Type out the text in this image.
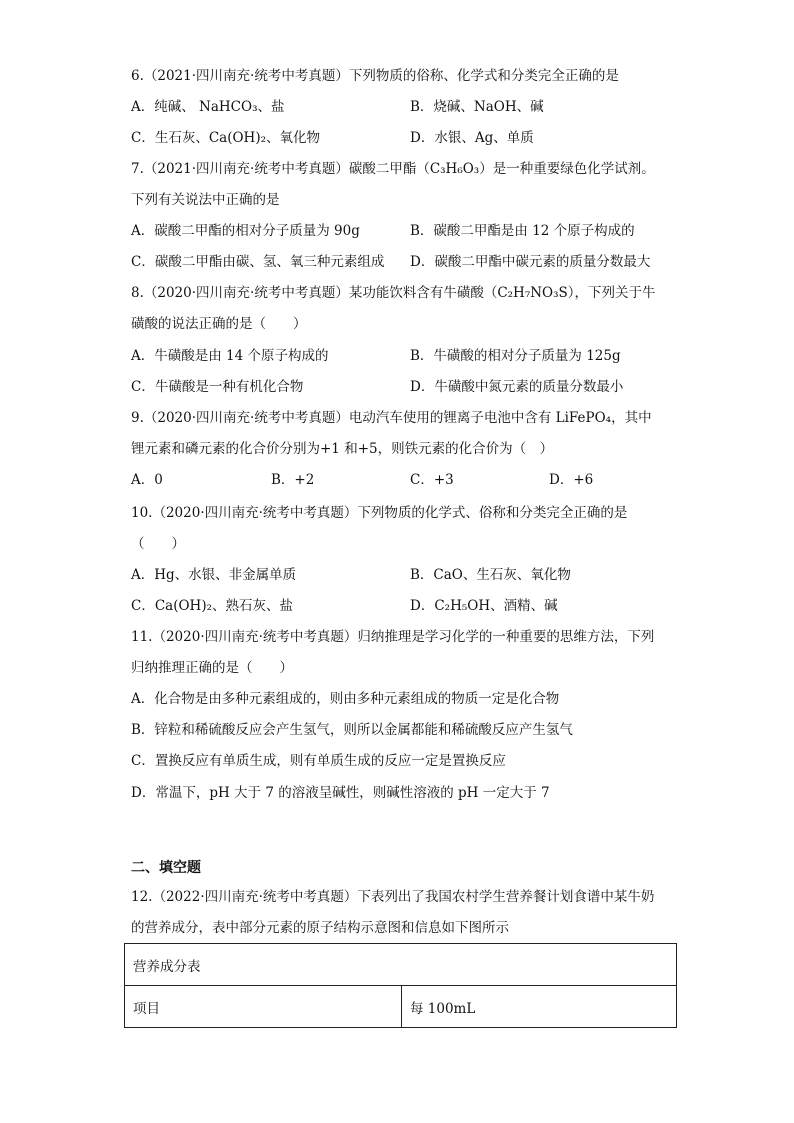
6.（2021·四川南充·统考中考真题）下列物质的俗称、化学式和分类完全正确的是
A．纯碱、 NaHCO₃、盐	B．烧碱、NaOH、碱
C．生石灰、Ca(OH)₂、氧化物	D．水银、Ag、单质
7.（2021·四川南充·统考中考真题）碳酸二甲酯（C₃H₆O₃）是一种重要绿色化学试剂。
下列有关说法中正确的是
A．碳酸二甲酯的相对分子质量为 90g	B．碳酸二甲酯是由 12 个原子构成的
C．碳酸二甲酯由碳、氢、氧三种元素组成 D．碳酸二甲酯中碳元素的质量分数最大
8.（2020·四川南充·统考中考真题）某功能饮料含有牛磺酸（C₂H₇NO₃S），下列关于牛
磺酸的说法正确的是（　　）
A．牛磺酸是由 14 个原子构成的	B．牛磺酸的相对分子质量为 125g
C．牛磺酸是一种有机化合物	D．牛磺酸中氮元素的质量分数最小
9.（2020·四川南充·统考中考真题）电动汽车使用的锂离子电池中含有 LiFePO₄，其中
锂元素和磷元素的化合价分别为+1 和+5，则铁元素的化合价为（　）
A．0	B．+2	C．+3	D．+6
10.（2020·四川南充·统考中考真题）下列物质的化学式、俗称和分类完全正确的是
（　　）
A．Hg、水银、非金属单质	B．CaO、生石灰、氧化物
C．Ca(OH)₂、熟石灰、盐	D．C₂H₅OH、酒精、碱
11.（2020·四川南充·统考中考真题）归纳推理是学习化学的一种重要的思维方法，下列
归纳推理正确的是（　　）
A．化合物是由多种元素组成的，则由多种元素组成的物质一定是化合物
B．锌粒和稀硫酸反应会产生氢气，则所以金属都能和稀硫酸反应产生氢气
C．置换反应有单质生成，则有单质生成的反应一定是置换反应
D．常温下，pH 大于 7 的溶液呈碱性，则碱性溶液的 pH 一定大于 7
二、填空题
12.（2022·四川南充·统考中考真题）下表列出了我国农村学生营养餐计划食谱中某牛奶
的营养成分，表中部分元素的原子结构示意图和信息如下图所示
营养成分表
项目	每 100mL
